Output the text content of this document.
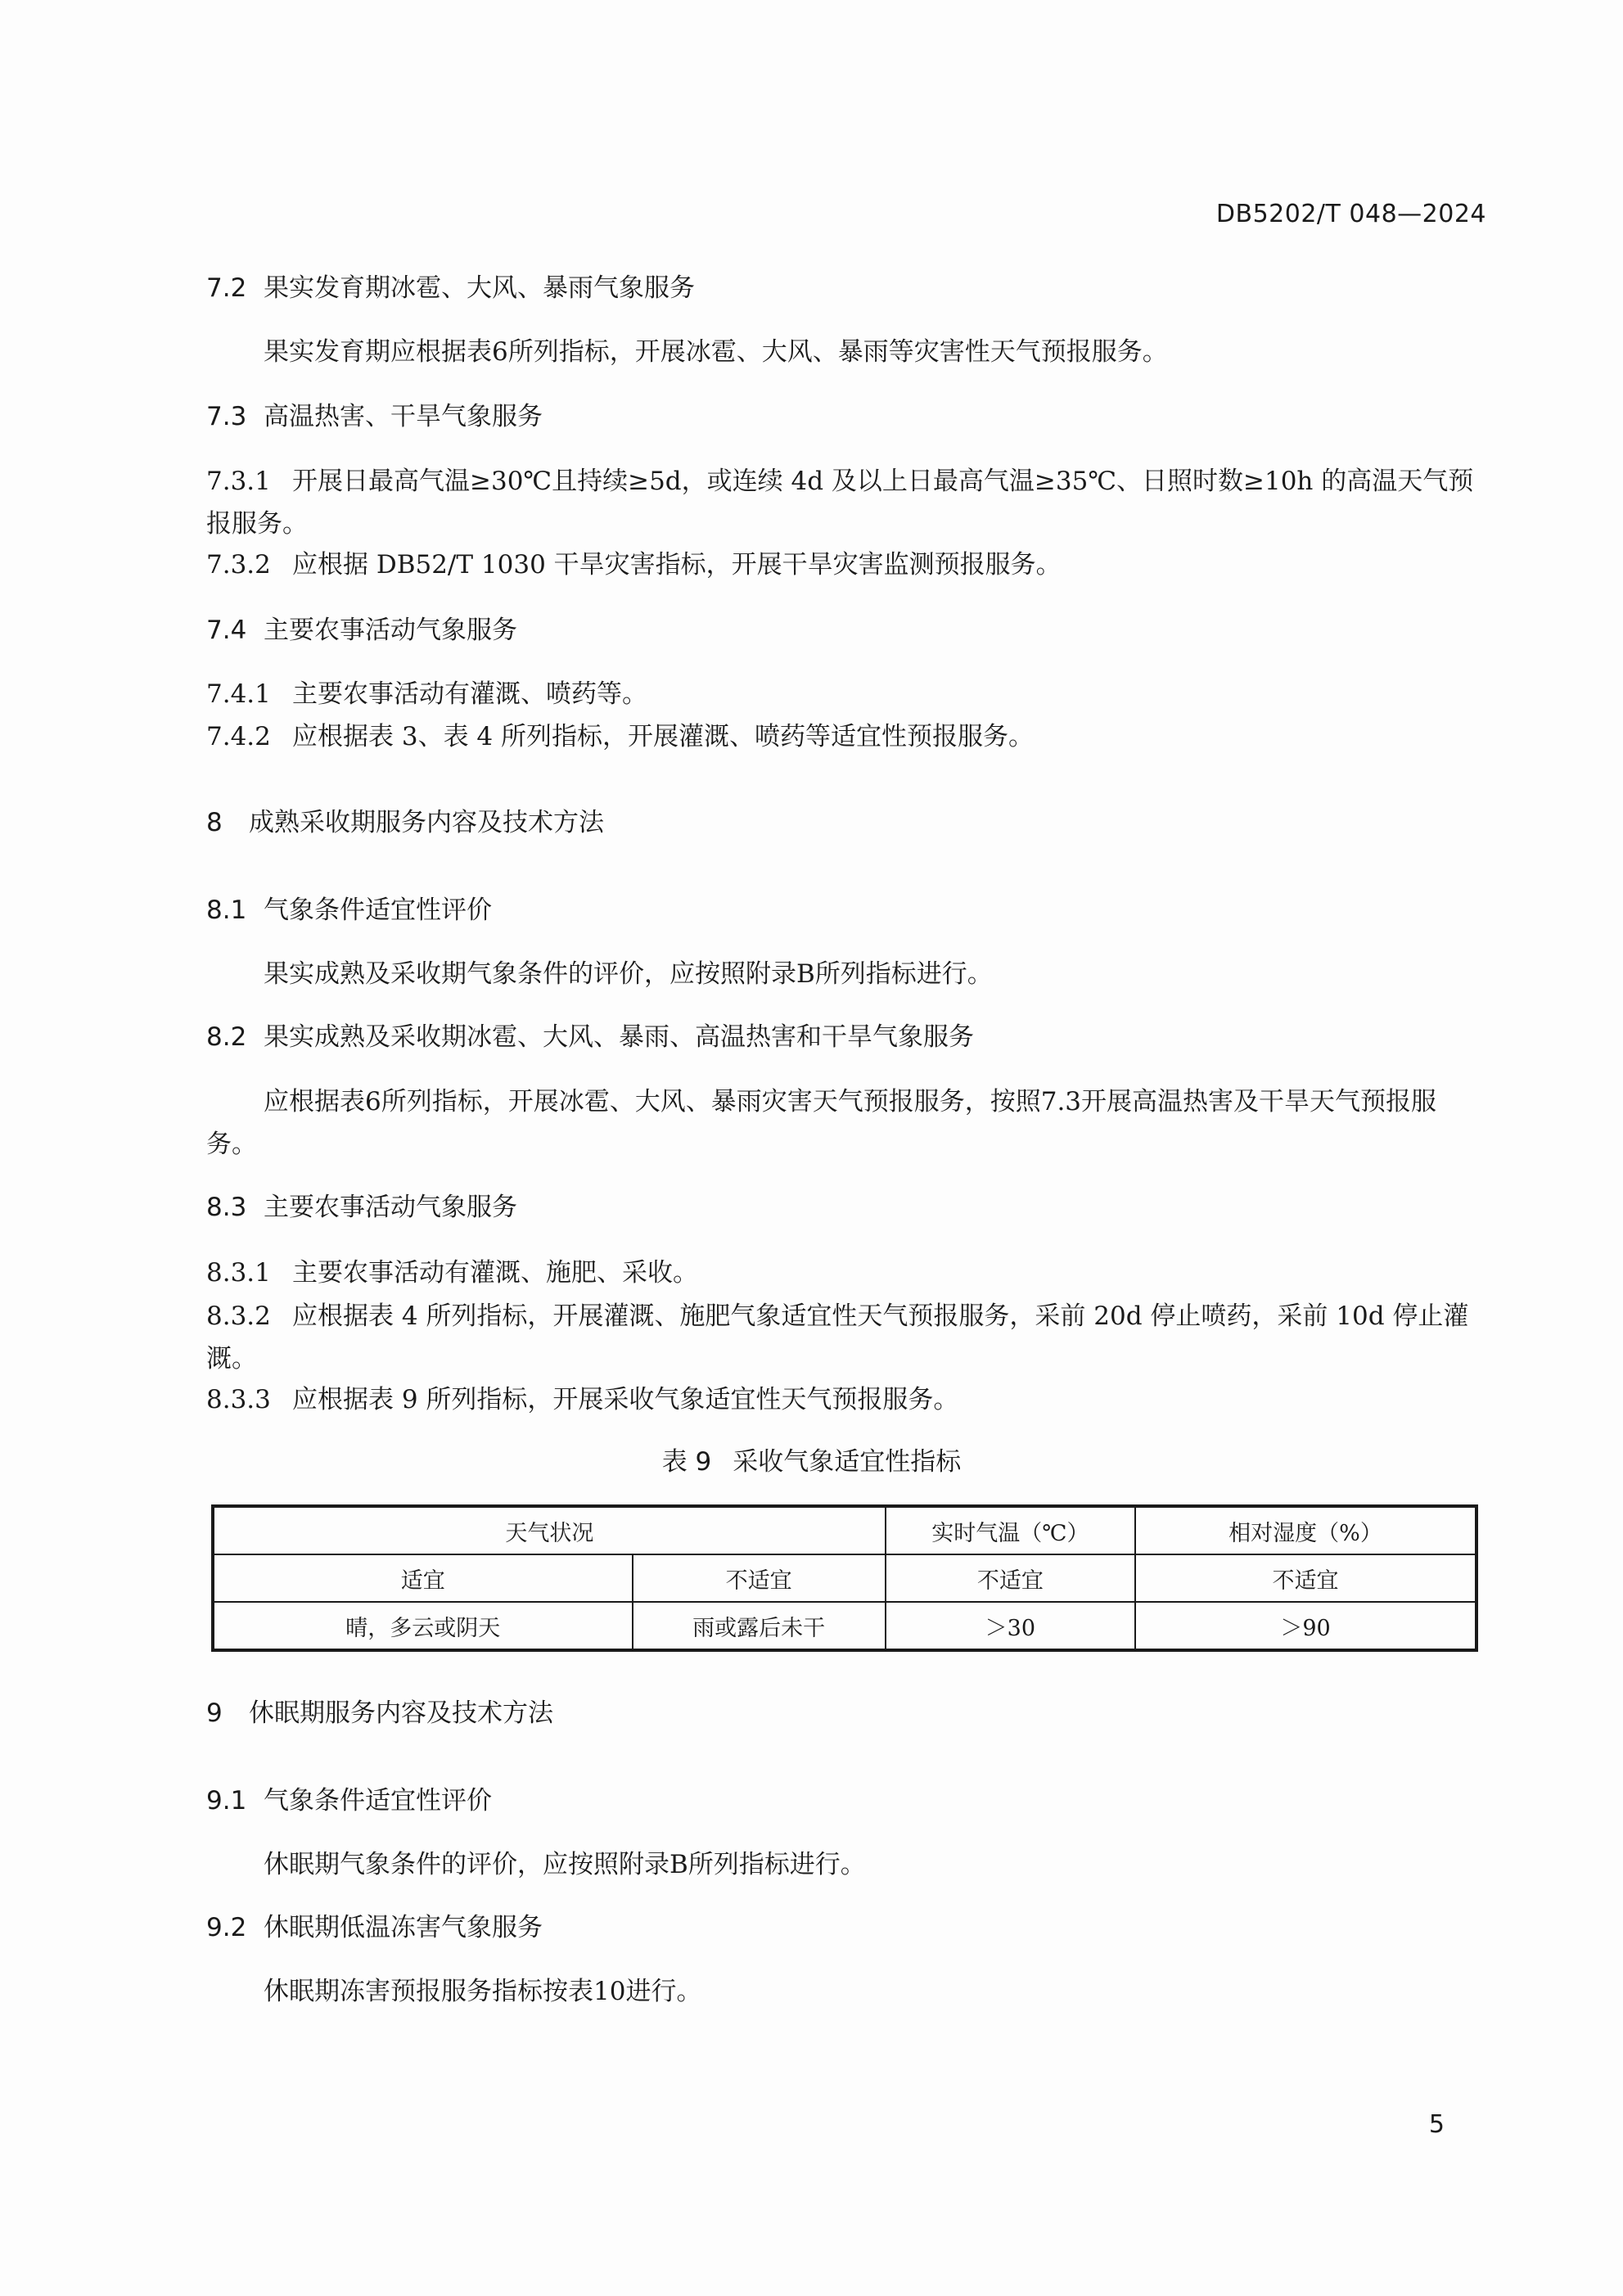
DB5202/T 048—2024
7.2 果实发育期冰雹、大风、暴雨气象服务
果实发育期应根据表6所列指标，开展冰雹、大风、暴雨等灾害性天气预报服务。
7.3 高温热害、干旱气象服务
7.3.1 开展日最高气温≥30℃且持续≥5d，或连续 4d 及以上日最高气温≥35℃、日照时数≥10h 的高温天气预报服务。
7.3.2 应根据 DB52/T 1030 干旱灾害指标，开展干旱灾害监测预报服务。
7.4 主要农事活动气象服务
7.4.1 主要农事活动有灌溉、喷药等。
7.4.2 应根据表 3、表 4 所列指标，开展灌溉、喷药等适宜性预报服务。
8 成熟采收期服务内容及技术方法
8.1 气象条件适宜性评价
果实成熟及采收期气象条件的评价，应按照附录B所列指标进行。
8.2 果实成熟及采收期冰雹、大风、暴雨、高温热害和干旱气象服务
应根据表6所列指标，开展冰雹、大风、暴雨灾害天气预报服务，按照7.3开展高温热害及干旱天气预报服务。
8.3 主要农事活动气象服务
8.3.1 主要农事活动有灌溉、施肥、采收。
8.3.2 应根据表 4 所列指标，开展灌溉、施肥气象适宜性天气预报服务，采前 20d 停止喷药，采前 10d 停止灌溉。
8.3.3 应根据表 9 所列指标，开展采收气象适宜性天气预报服务。
表 9 采收气象适宜性指标
天气状况		实时气温（℃）	相对湿度（%）
适宜	不适宜	不适宜	不适宜
晴，多云或阴天	雨或露后未干	＞30	＞90
9 休眠期服务内容及技术方法
9.1 气象条件适宜性评价
休眠期气象条件的评价，应按照附录B所列指标进行。
9.2 休眠期低温冻害气象服务
休眠期冻害预报服务指标按表10进行。
5
